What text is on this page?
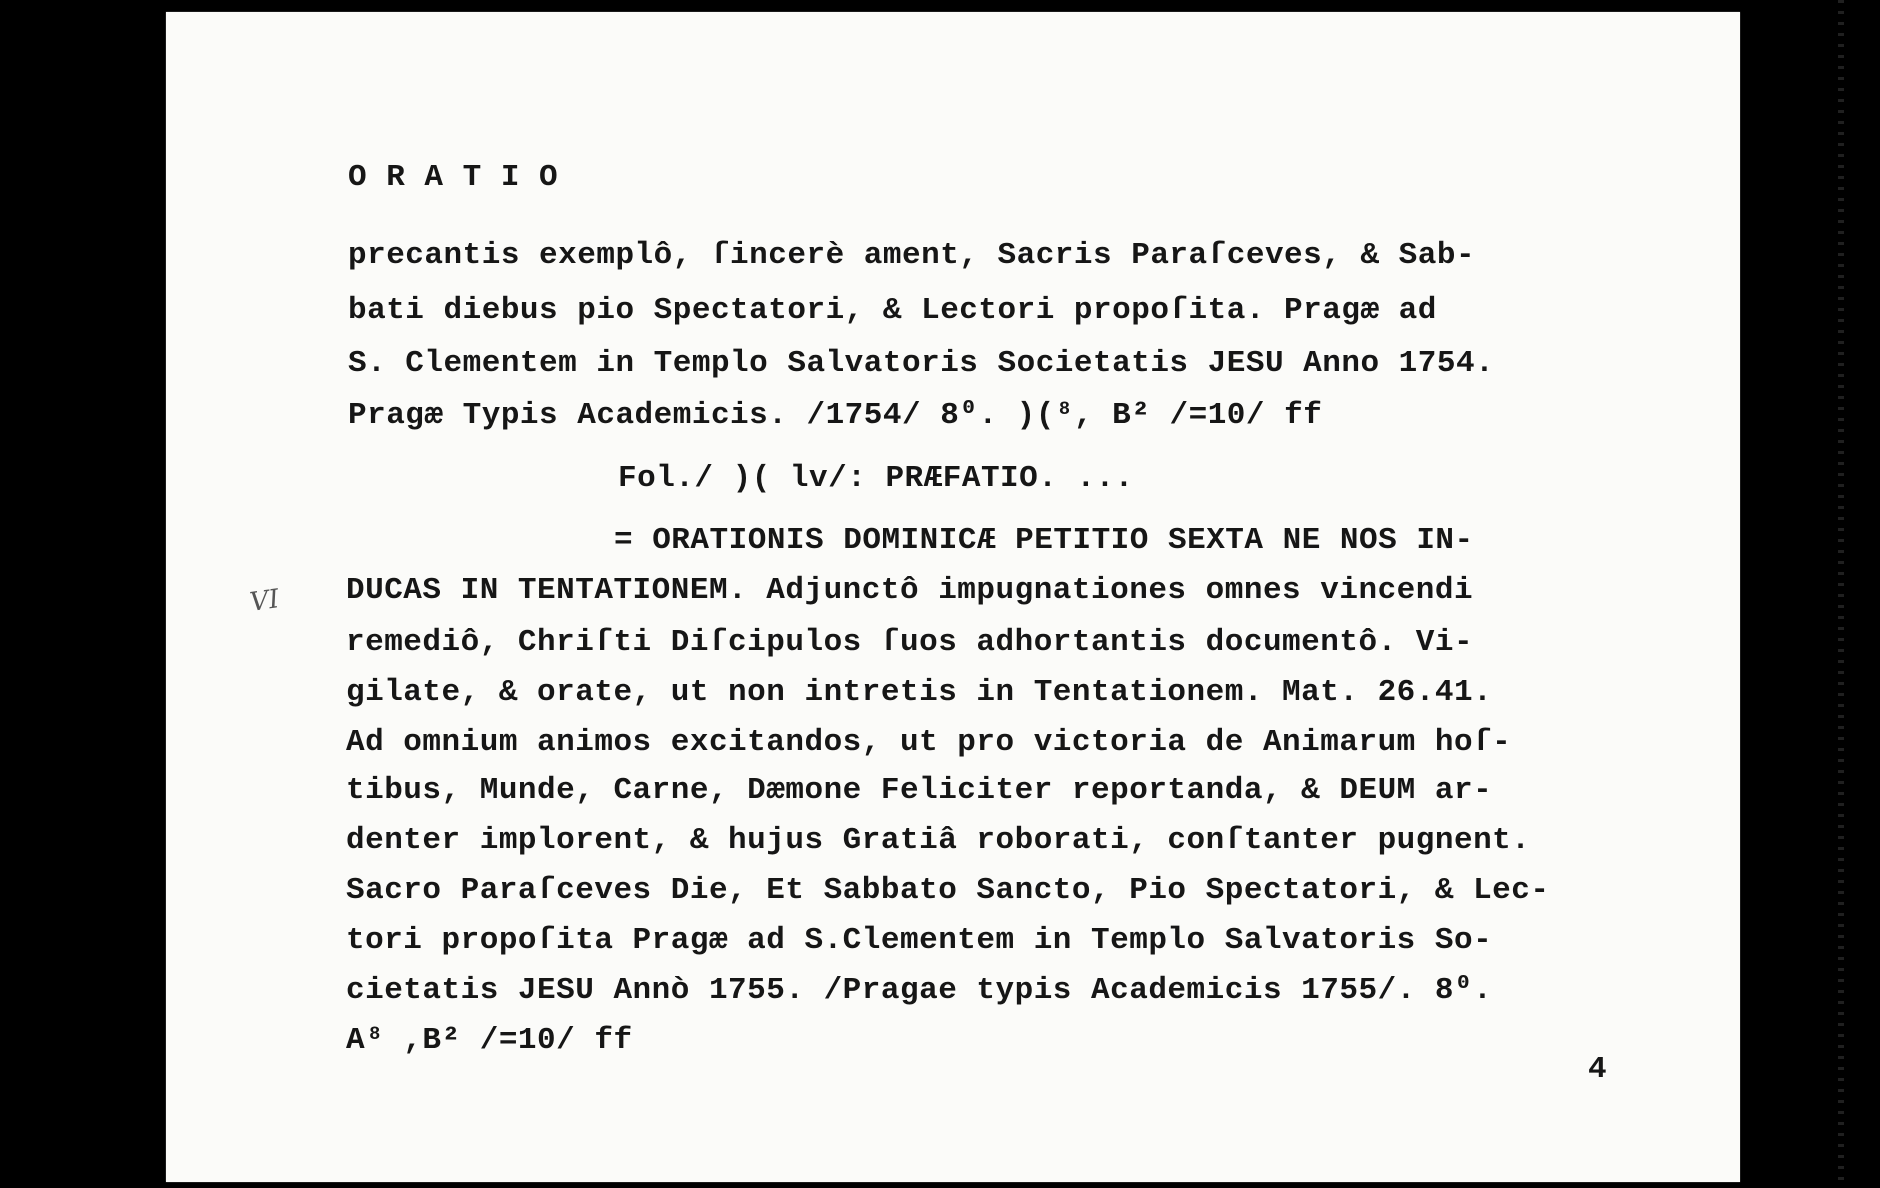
O R A T I O
precantis exemplô, ſincerè ament, Sacris Paraſceves, & Sab-
bati diebus pio Spectatori, & Lectori propoſita. Pragæ ad
S. Clementem in Templo Salvatoris Societatis JESU Anno 1754.
Pragæ Typis Academicis. /1754/ 8⁰. )(⁸, B² /=10/ ff
Fol./ )( lv/: PRÆFATIO. ...
= ORATIONIS DOMINICÆ PETITIO SEXTA NE NOS IN-
DUCAS IN TENTATIONEM. Adjunctô impugnationes omnes vincendi
remediô, Chriſti Diſcipulos ſuos adhortantis documentô. Vi-
gilate, & orate, ut non intretis in Tentationem. Mat. 26.41.
Ad omnium animos excitandos, ut pro victoria de Animarum hoſ-
tibus, Munde, Carne, Dæmone Feliciter reportanda, & DEUM ar-
denter implorent, & hujus Gratiâ roborati, conſtanter pugnent.
Sacro Paraſceves Die, Et Sabbato Sancto, Pio Spectatori, & Lec-
tori propoſita Pragæ ad S.Clementem in Templo Salvatoris So-
cietatis JESU Annò 1755. /Pragae typis Academicis 1755/. 8⁰.
A⁸ ,B² /=10/ ff
VI
4
